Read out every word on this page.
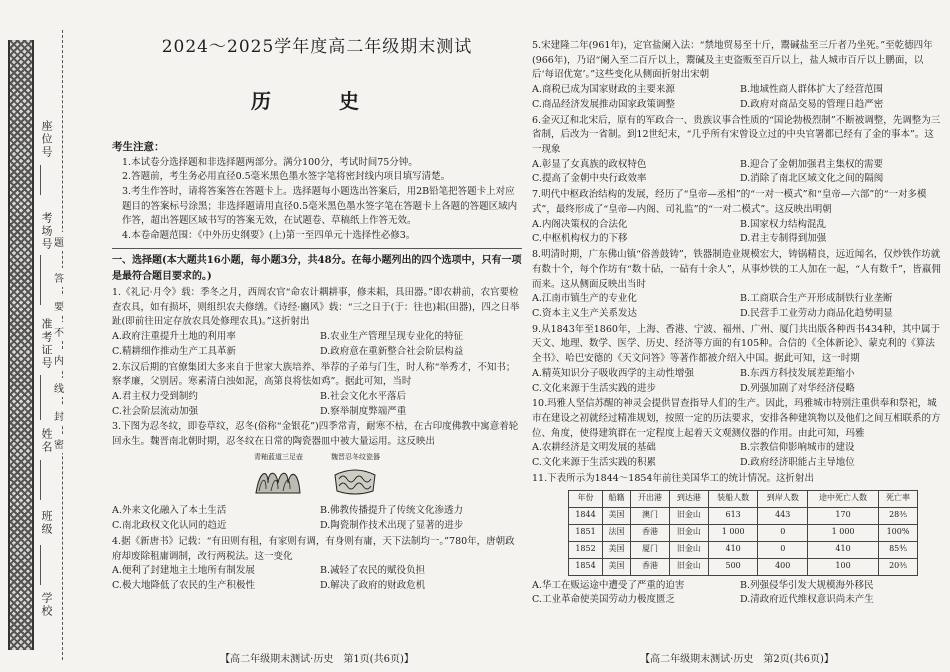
座位号
考场号
准考证号
姓名
班级
学校
题
答
要
不
内
线
封
密
2024～2025学年度高二年级期末测试
历　史
考生注意：

1.本试卷分选择题和非选择题两部分。满分100分，考试时间75分钟。

2.答题前，考生务必用直径0.5毫米黑色墨水签字笔将密封线内项目填写清楚。

3.考生作答时，请将答案答在答题卡上。选择题每小题选出答案后，用2B铅笔把答题卡上对应题目的答案标号涂黑；非选择题请用直径0.5毫米黑色墨水签字笔在答题卡上各题的答题区域内作答，超出答题区域书写的答案无效，在试题卷、草稿纸上作答无效。

4.本卷命题范围：《中外历史纲要》(上)第一至四单元十选择性必修3。

一、选择题(本大题共16小题，每小题3分，共48分。在每小题列出的四个选项中，只有一项是最符合题目要求的。)

1.《礼记·月令》载：季冬之月，西周农官“命农计耦耕事，修耒耜，具田器。”即农耕前，农官要检查农具，如有损坏，则组织农夫修缮。《诗经·豳风》载：“三之日于(于：往也)耜(田器)，四之日举趾(即前往田定存放农具处修理农具)。”这折射出

A.政府注重提升土地的利用率	B.农业生产管理呈现专业化的特征
C.精耕细作推动生产工具革新	D.政府意在重新整合社会阶层构益

2.东汉后期的官僚集团大多来自于世家大族培养、举荐的子弟与门生，时人称“举秀才，不知书；察孝廉，父别居。寒素清白浊如泥，高第良将怯如鸡”。据此可知，当时

A.君主权力受到制约	B.社会文化水平落后
C.社会阶层流动加强	D.察举制度弊端严重

3.下图为忍冬纹，即卷草纹，忍冬(俗称“金银花”)四季常青，耐寒不枯，在古印度佛教中寓意着轮回永生。魏晋南北朝时期，忍冬纹在日常的陶瓷器皿中被大量运用。这反映出

青釉蓝道三足壶	魏晋忍冬纹瓷器
A.外来文化融入了本土生活	B.佛教传播提升了传统文化渗透力
C.南北政权文化认同的趋近	D.陶瓷制作技术出现了显著的进步

4.据《新唐书》记载：“有田则有租，有家则有调，有身则有庸，天下法制均一。”780年，唐朝政府却废除租庸调制，改行两税法。这一变化

A.便利了封建地主土地所有制发展	B.减轻了农民的赋役负担
C.极大地降低了农民的生产积极性	D.解决了政府的财政危机
【高二年级期末测试·历史　第1页(共6页)】

5.宋建隆二年(961年)，定官盐阑入法：“禁地贸易至十斤，鬻碱盐至三斤者乃坐死。”至乾德四年(966年)，乃诏“阑入至二百斤以上，鬻碱及主吏盗贩至百斤以上，盐人城市百斤以上鹏面，以后‘每诏优宽’。”这些变化从侧面折射出宋朝

A.商税已成为国家财政的主要来源	B.地域性商人群体扩大了经营范围
C.商品经济发展推动国家政策调整	D.政府对商品交易的管理日趋严密

6.金灭辽和北宋后，原有的军政合一、贵族议事合性质的“国论勃极烈制”不断被调整，先调整为三省制，后改为一省制。到12世纪末，“几乎所有宋曾设立过的中央官署都已经有了金的事本”。这一现象

A.彰显了女真族的政权特色	B.迎合了金朝加强君主集权的需要
C.提高了金朝中央行政效率	D.消除了南北区域文化之间的隔阂

7.明代中枢政治结构的发展，经历了“皇帝—丞相”的“一对一模式”和“皇帝—六部”的“一对多模式”，最终形成了“皇帝—内阁、司礼监”的“一对二模式”。这反映出明朝

A.内阁决策权的合法化	B.国家权力结构混乱
C.中枢机构权力的下移	D.君主专制得到加强

8.明清时期，广东佛山镇“俗善鼓铸”，铁器制造业规模宏大，铸锅精良，远近闻名，仅炒铁作坊就有数十个，每个作坊有“数十砧，一砧有十余人”，从事炒铁的工人加在一起，“人有数千”，皆羸佣而来。这从侧面反映出当时

A.江南市镇生产的专业化	B.工商联合生产开形成制铁行业垄断
C.资本主义生产关系发达	D.民营手工业劳动力商品化趋势明显

9.从1843年至1860年，上海、香港、宁波、福州、广州、厦门共出版各种西书434种，其中属于天文、地理、数学、医学、历史、经济等方面的有105种。合信的《全体新论》、蒙克利的《算法全书》、哈巴安德的《天文问答》等著作都被介绍入中国。据此可知，这一时期

A.精英知识分子吸收西学的主动性增强	B.东西方科技发展差距缩小
C.文化来源于生活实践的进步	D.列强加剧了对华经济侵略

10.玛雅人坚信苏醒的神灵会提供冒查指导人们的生产。因此，玛雅城市特别注重供奉和祭祀，城市在建设之初就经过精准规划，按照一定的历法要求，安排各种建筑物以及他们之间互相联系的方位、角度，使得建筑群在一定程度上起着天文观测仪器的作用。由此可知，玛雅

A.农耕经济是文明发展的基础	B.宗教信仰影响城市的建设
C.文化来源于生活实践的积累	D.政府经济职能占主导地位

11.下表所示为1844～1854年前往美国华工的统计情况。这折射出

年份	船籍	开出港	到达港	装船人数	到岸人数	途中死亡人数	死亡率
1844	美国	澳门	旧金山	613	443	170	28⅗
1851	法国	香港	旧金山	1 000	0	1 000	100%
1852	美国	厦门	旧金山	410	0	410	85⅘
1854	美国	香港	旧金山	500	400	100	20⅗
A.华工在贩运途中遭受了严重的迫害	B.列强侵华引发大规模海外移民
C.工业革命使美国劳动力极度匮乏	D.清政府近代维权意识尚未产生
【高二年级期末测试·历史　第2页(共6页)】
